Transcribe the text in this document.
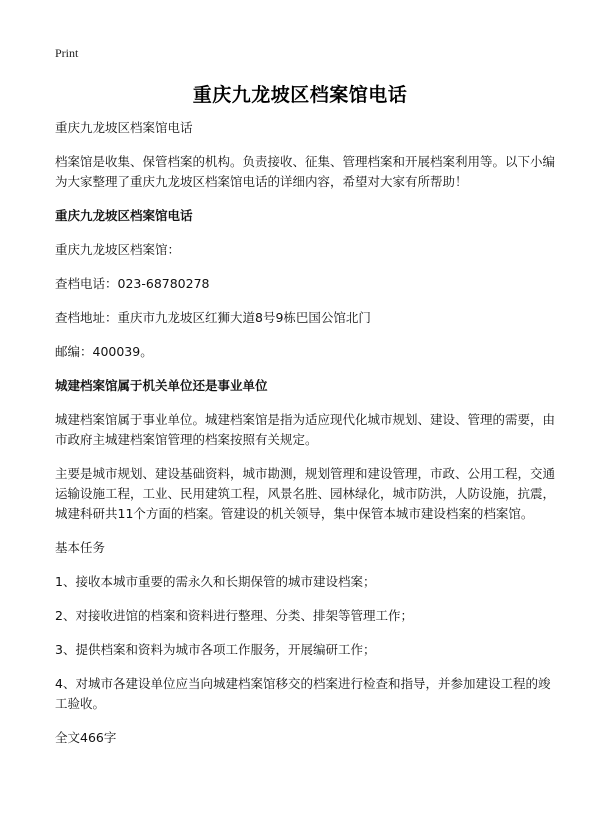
Print
重庆九龙坡区档案馆电话

重庆九龙坡区档案馆电话

档案馆是收集、保管档案的机构。负责接收、征集、管理档案和开展档案利用等。以下小编为大家整理了重庆九龙坡区档案馆电话的详细内容，希望对大家有所帮助！

重庆九龙坡区档案馆电话

重庆九龙坡区档案馆：

查档电话：023-68780278

查档地址：重庆市九龙坡区红狮大道8号9栋巴国公馆北门

邮编：400039。

城建档案馆属于机关单位还是事业单位

城建档案馆属于事业单位。城建档案馆是指为适应现代化城市规划、建设、管理的需要，由市政府主城建档案馆管理的档案按照有关规定。

主要是城市规划、建设基础资料，城市勘测，规划管理和建设管理，市政、公用工程，交通运输设施工程，工业、民用建筑工程，风景名胜、园林绿化，城市防洪，人防设施，抗震，城建科研共11个方面的档案。管建设的机关领导，集中保管本城市建设档案的档案馆。

基本任务

1、接收本城市重要的需永久和长期保管的城市建设档案；

2、对接收进馆的档案和资料进行整理、分类、排架等管理工作；

3、提供档案和资料为城市各项工作服务，开展编研工作；

4、对城市各建设单位应当向城建档案馆移交的档案进行检查和指导，并参加建设工程的竣工验收。

全文466字
